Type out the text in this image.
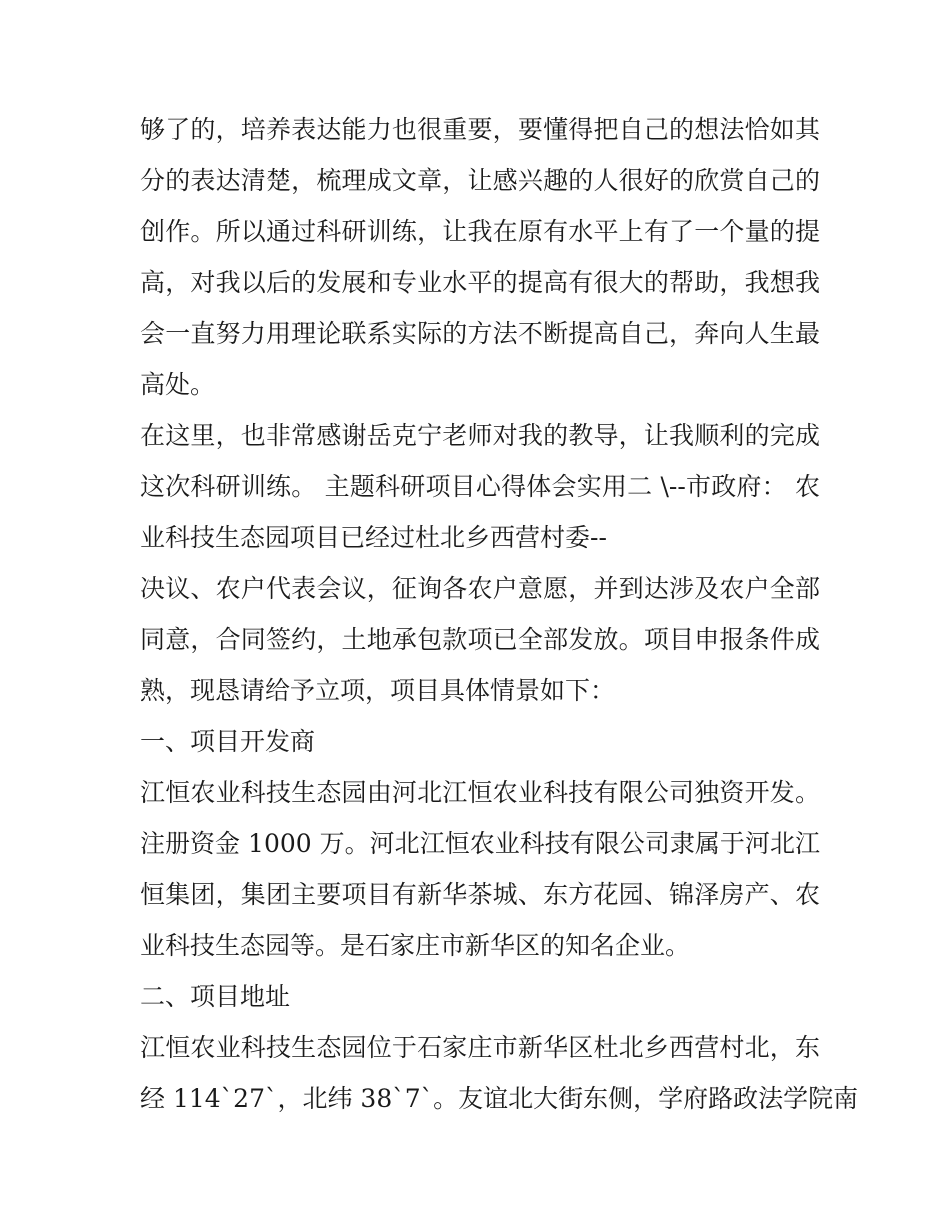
够了的，培养表达能力也很重要，要懂得把自己的想法恰如其
分的表达清楚，梳理成文章，让感兴趣的人很好的欣赏自己的
创作。所以通过科研训练，让我在原有水平上有了一个量的提
高，对我以后的发展和专业水平的提高有很大的帮助，我想我
会一直努力用理论联系实际的方法不断提高自己，奔向人生最
高处。
在这里，也非常感谢岳克宁老师对我的教导，让我顺利的完成
这次科研训练。 主题科研项目心得体会实用二 \--市政府： 农
业科技生态园项目已经过杜北乡西营村委--
决议、农户代表会议，征询各农户意愿，并到达涉及农户全部
同意，合同签约，土地承包款项已全部发放。项目申报条件成
熟，现恳请给予立项，项目具体情景如下：
一、项目开发商
江恒农业科技生态园由河北江恒农业科技有限公司独资开发。
注册资金 1000 万。河北江恒农业科技有限公司隶属于河北江
恒集团，集团主要项目有新华茶城、东方花园、锦泽房产、农
业科技生态园等。是石家庄市新华区的知名企业。
二、项目地址
江恒农业科技生态园位于石家庄市新华区杜北乡西营村北，东
经 114`27`，北纬 38`7`。友谊北大街东侧，学府路政法学院南
